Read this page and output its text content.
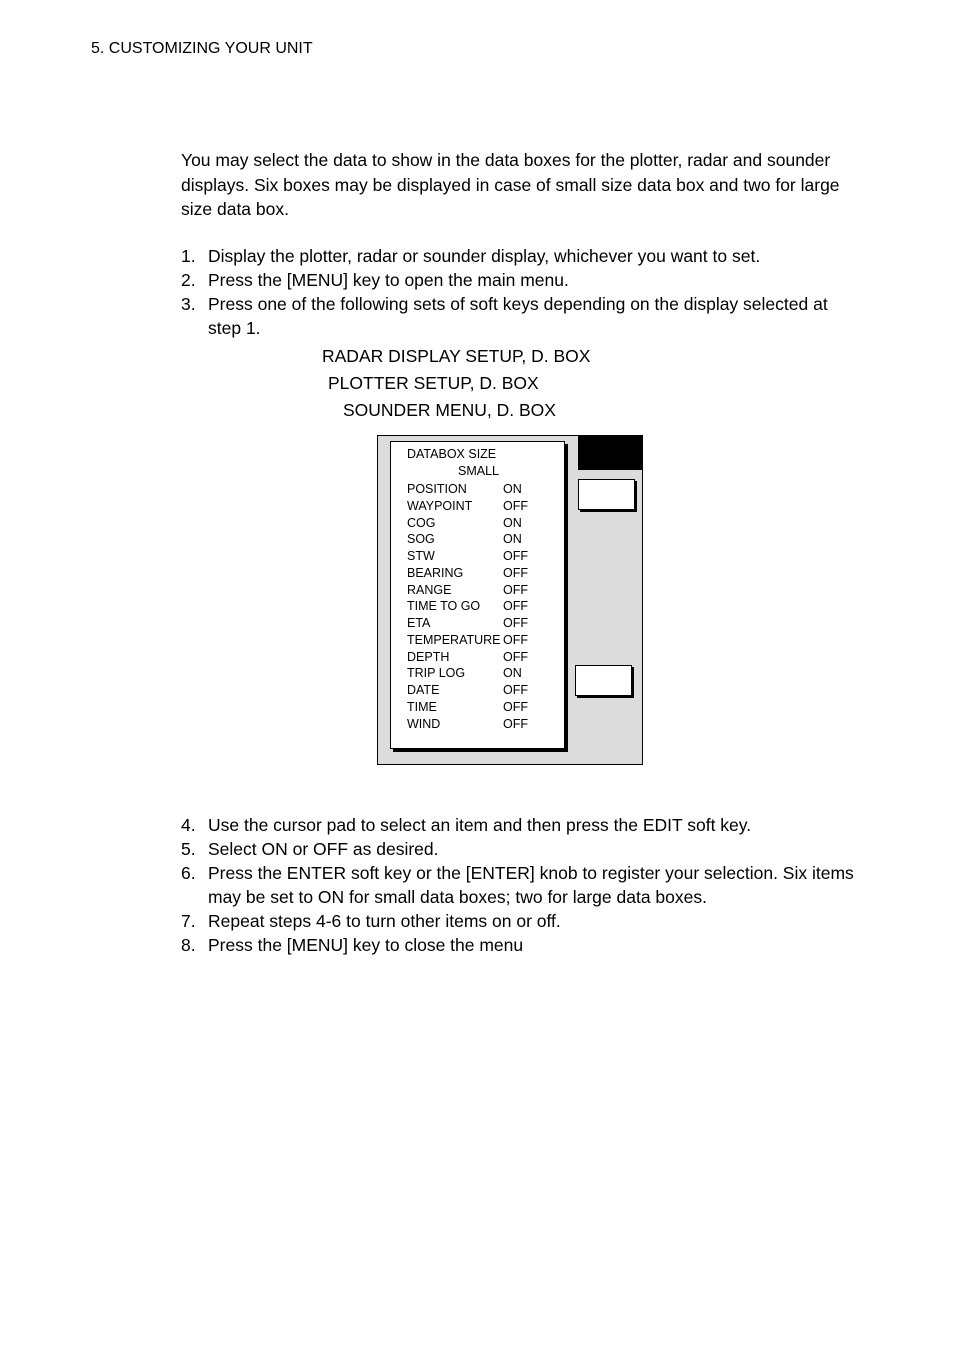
5. CUSTOMIZING YOUR UNIT
You may select the data to show in the data boxes for the plotter, radar and sounder displays. Six boxes may be displayed in case of small size data box and two for large size data box.
1. Display the plotter, radar or sounder display, whichever you want to set.
2. Press the [MENU] key to open the main menu.
3. Press one of the following sets of soft keys depending on the display selected at step 1.
RADAR DISPLAY SETUP, D. BOX
PLOTTER SETUP, D. BOX
SOUNDER MENU, D. BOX
DATABOX SIZE
SMALL
POSITION	ON
WAYPOINT	OFF
COG	ON
SOG	ON
STW	OFF
BEARING	OFF
RANGE	OFF
TIME TO GO	OFF
ETA	OFF
TEMPERATURE OFF
DEPTH	OFF
TRIP LOG	ON
DATE	OFF
TIME	OFF
WIND	OFF
4. Use the cursor pad to select an item and then press the EDIT soft key.
5. Select ON or OFF as desired.
6. Press the ENTER soft key or the [ENTER] knob to register your selection. Six items may be set to ON for small data boxes; two for large data boxes.
7. Repeat steps 4-6 to turn other items on or off.
8. Press the [MENU] key to close the menu
